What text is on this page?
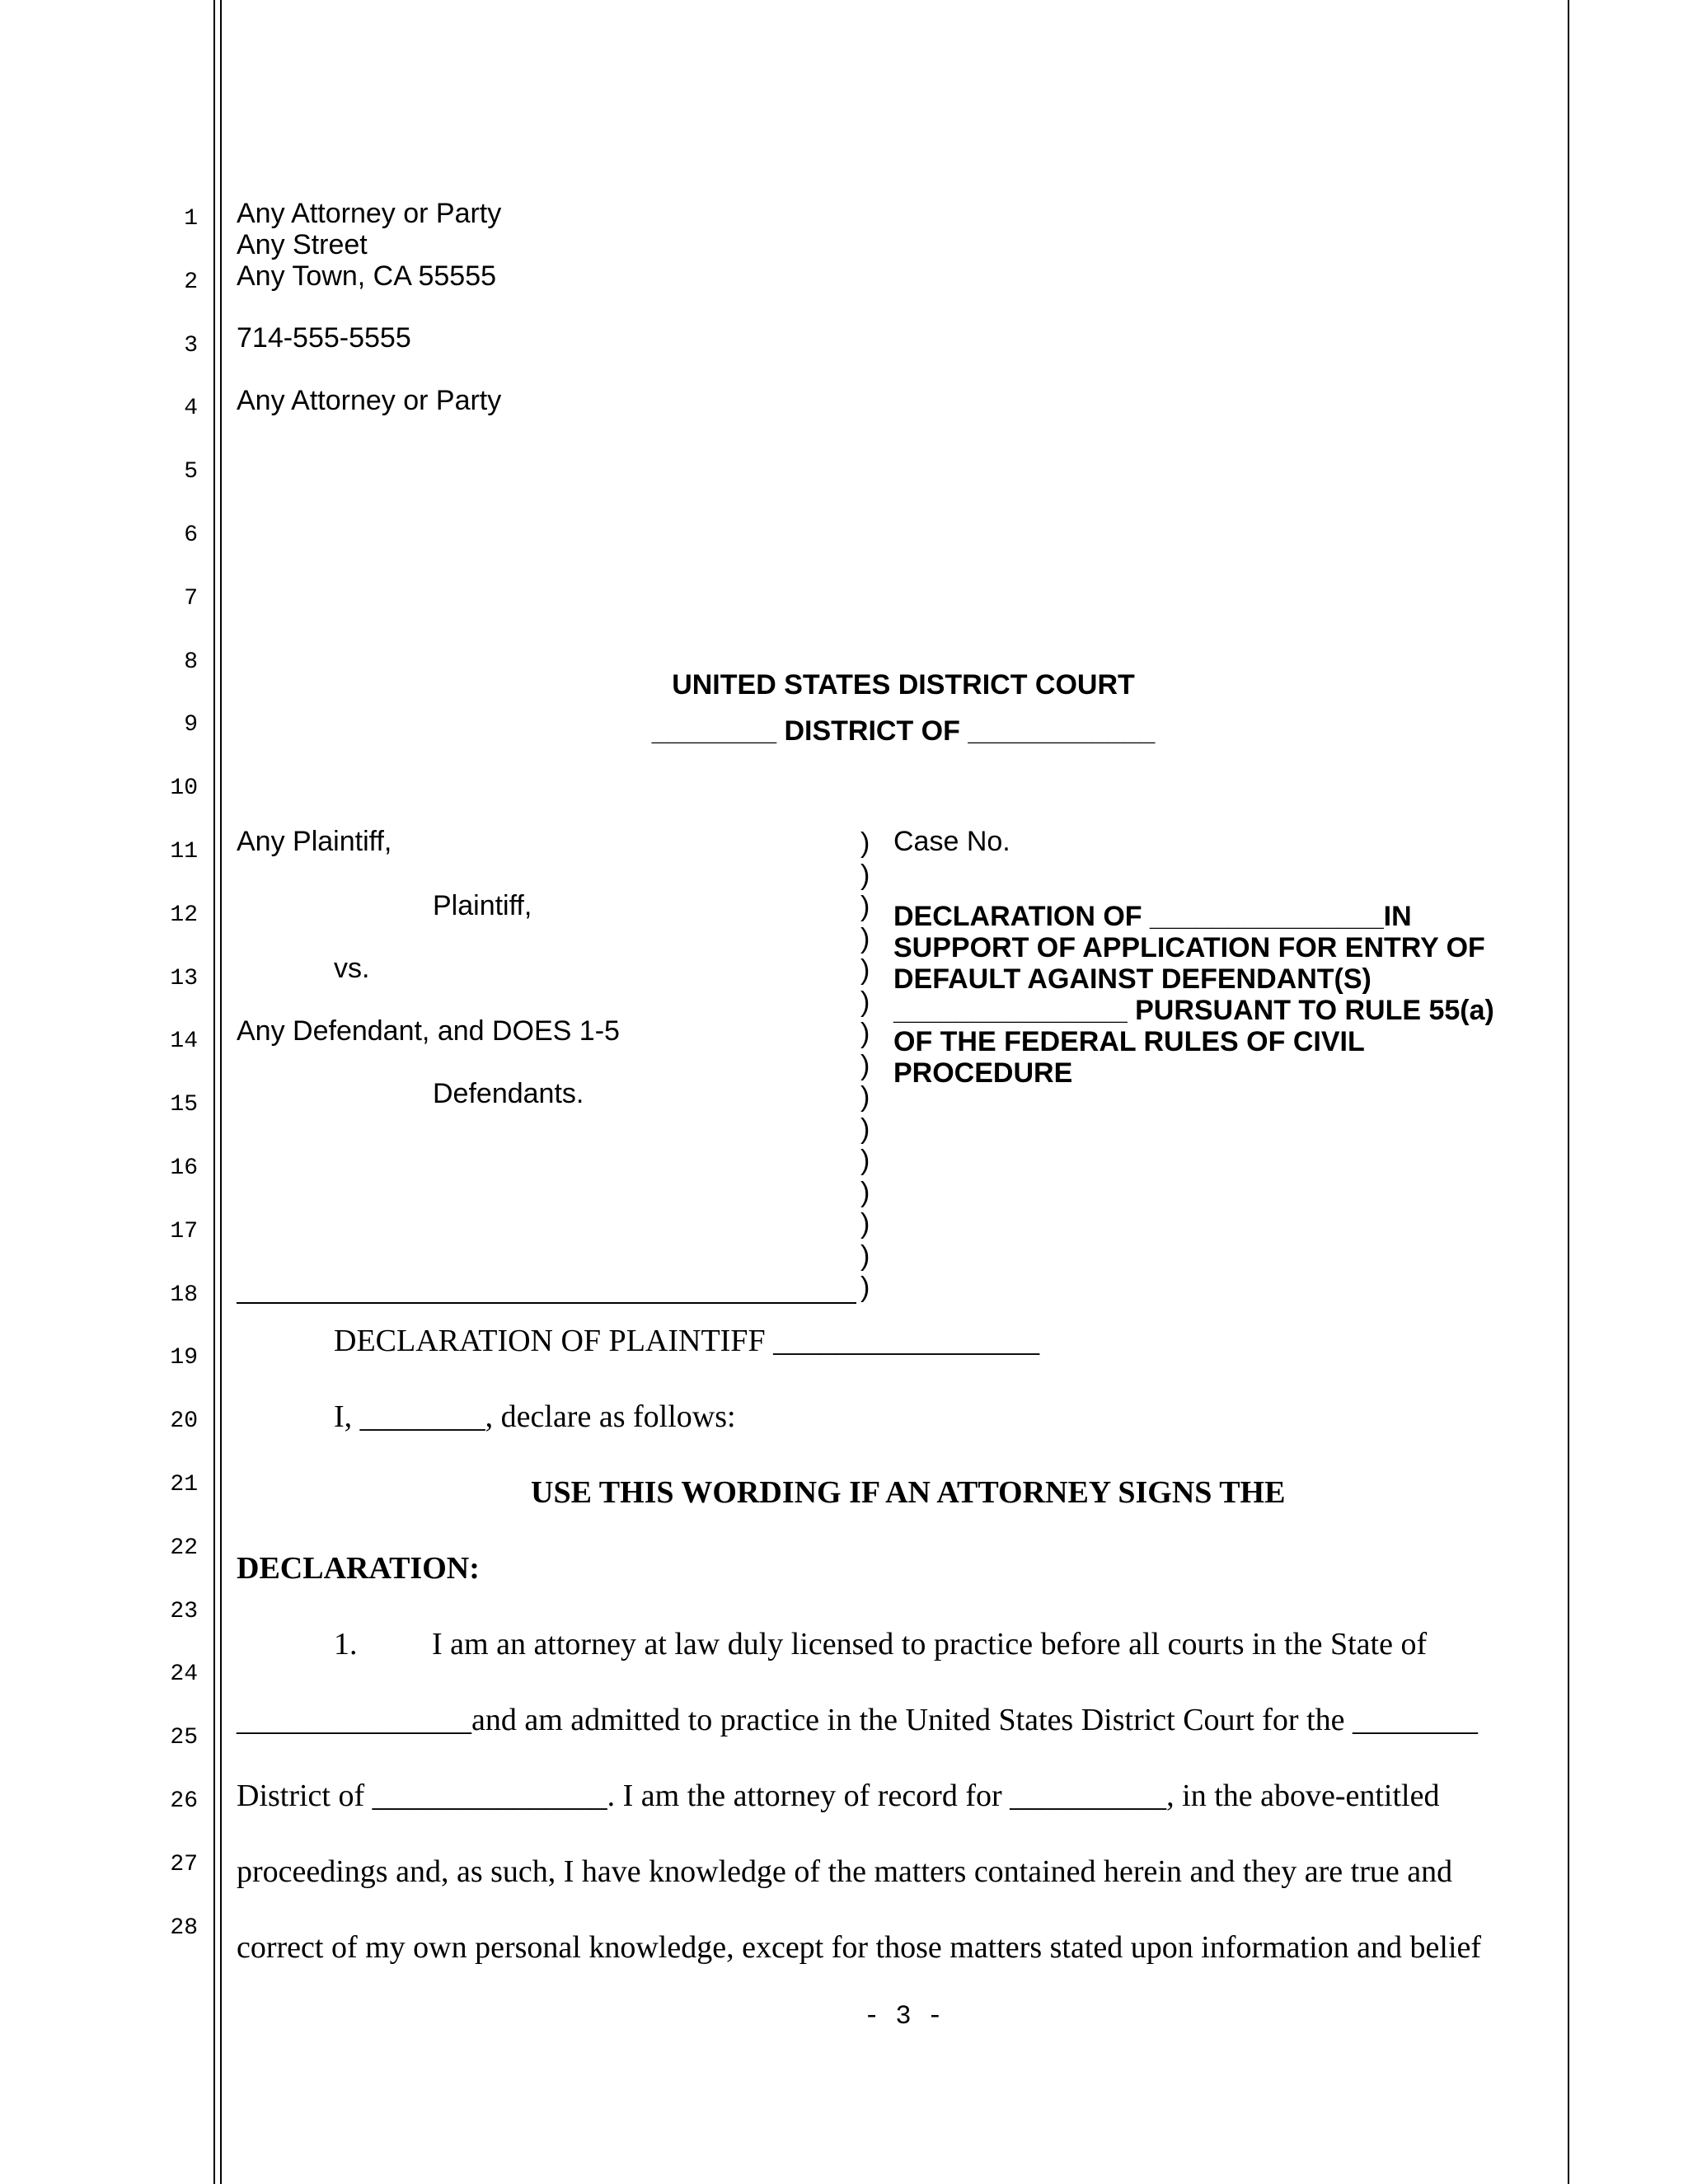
1
2
3
4
5
6
7
8
9
10
11
12
13
14
15
16
17
18
19
20
21
22
23
24
25
26
27
28
Any Attorney or Party
Any Street
Any Town, CA 55555
714-555-5555
Any Attorney or Party
UNITED STATES DISTRICT COURT
________ DISTRICT OF ____________
Any Plaintiff,
Plaintiff,
vs.
Any Defendant, and DOES 1-5
Defendants.
)
)
)
)
)
)
)
)
)
)
)
)
)
)
)
Case No.
DECLARATION OF _______________IN
SUPPORT OF APPLICATION FOR ENTRY OF
DEFAULT AGAINST DEFENDANT(S)
_______________ PURSUANT TO RULE 55(a)
OF THE FEDERAL RULES OF CIVIL
PROCEDURE
DECLARATION OF PLAINTIFF _________________
I, ________, declare as follows:
USE THIS WORDING IF AN ATTORNEY SIGNS THE
DECLARATION:
1. I am an attorney at law duly licensed to practice before all courts in the State of
_______________and am admitted to practice in the United States District Court for the ________
District of _______________. I am the attorney of record for __________, in the above-entitled
proceedings and, as such, I have knowledge of the matters contained herein and they are true and
correct of my own personal knowledge, except for those matters stated upon information and belief
- 3 -
